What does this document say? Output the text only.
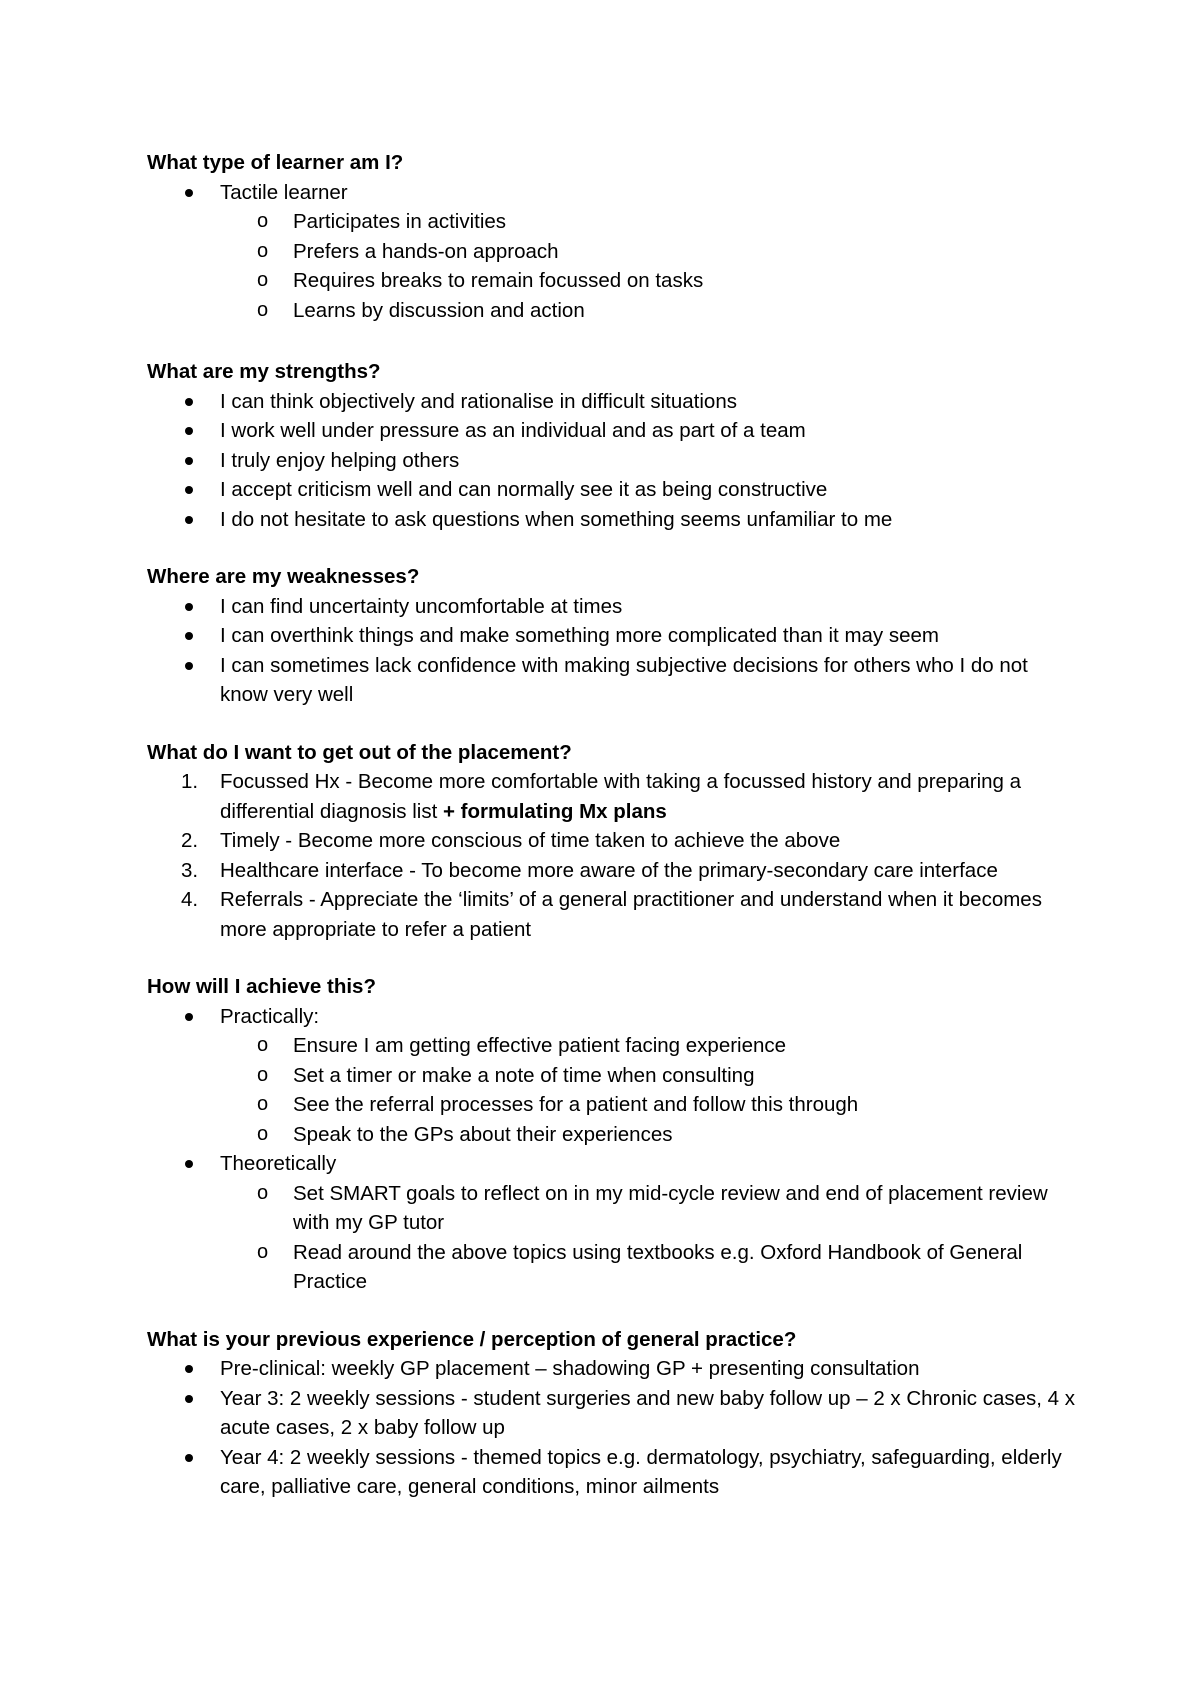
What type of learner am I?

Tactile learner
o Participates in activities
o Prefers a hands-on approach
o Requires breaks to remain focussed on tasks
o Learns by discussion and action

What are my strengths?

I can think objectively and rationalise in difficult situations
I work well under pressure as an individual and as part of a team
I truly enjoy helping others
I accept criticism well and can normally see it as being constructive
I do not hesitate to ask questions when something seems unfamiliar to me

Where are my weaknesses?

I can find uncertainty uncomfortable at times
I can overthink things and make something more complicated than it may seem
I can sometimes lack confidence with making subjective decisions for others who I do not know very well

What do I want to get out of the placement?

1. Focussed Hx - Become more comfortable with taking a focussed history and preparing a differential diagnosis list + formulating Mx plans
2. Timely - Become more conscious of time taken to achieve the above
3. Healthcare interface - To become more aware of the primary-secondary care interface
4. Referrals - Appreciate the ‘limits’ of a general practitioner and understand when it becomes more appropriate to refer a patient

How will I achieve this?

Practically:
o Ensure I am getting effective patient facing experience
o Set a timer or make a note of time when consulting
o See the referral processes for a patient and follow this through
o Speak to the GPs about their experiences
Theoretically
o Set SMART goals to reflect on in my mid-cycle review and end of placement review with my GP tutor
o Read around the above topics using textbooks e.g. Oxford Handbook of General Practice

What is your previous experience / perception of general practice?

Pre-clinical: weekly GP placement – shadowing GP + presenting consultation
Year 3: 2 weekly sessions - student surgeries and new baby follow up – 2 x Chronic cases, 4 x acute cases, 2 x baby follow up
Year 4: 2 weekly sessions - themed topics e.g. dermatology, psychiatry, safeguarding, elderly care, palliative care, general conditions, minor ailments
